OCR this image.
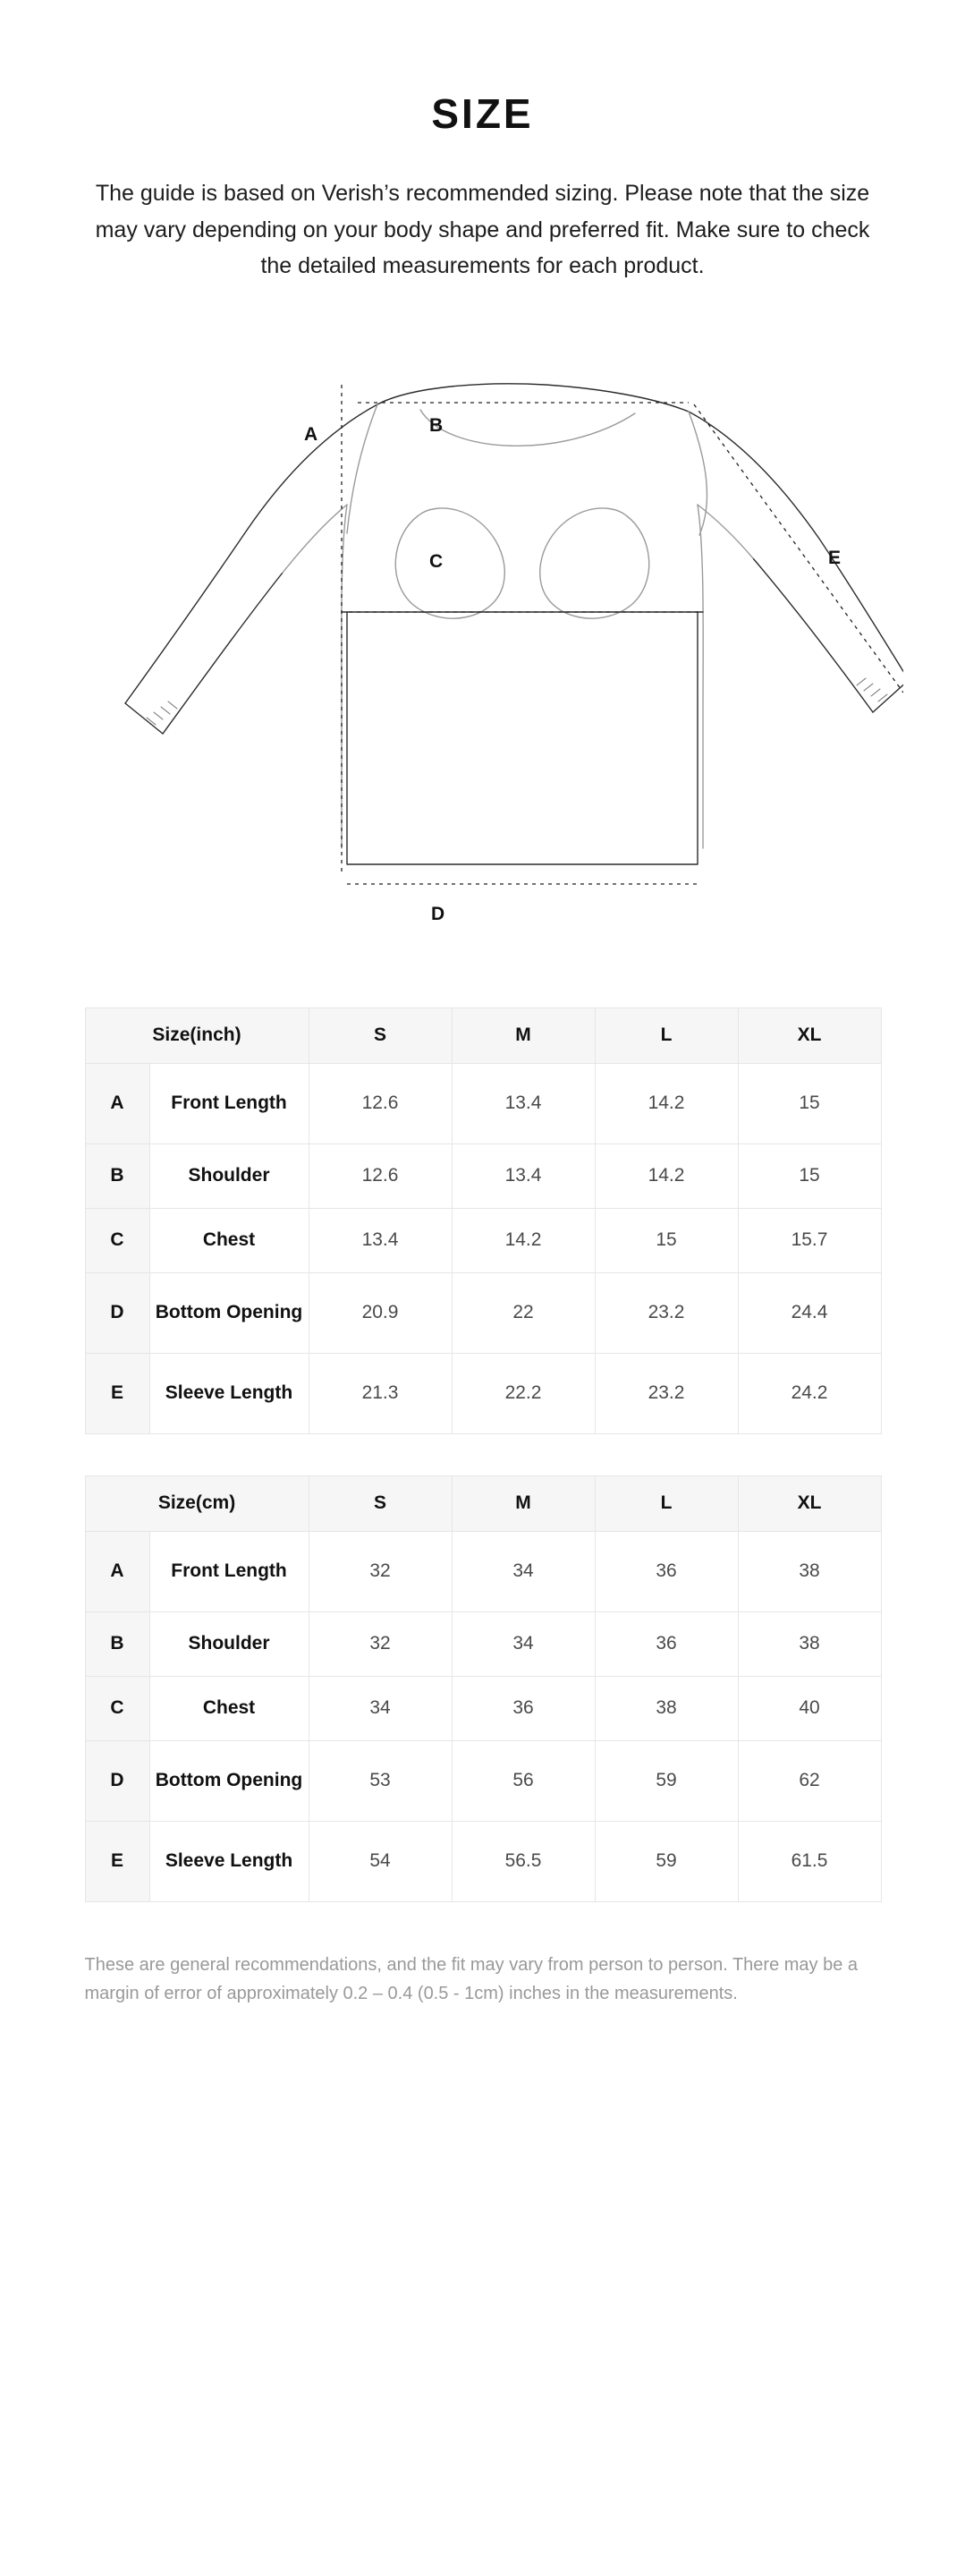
SIZE

The guide is based on Verish’s recommended sizing. Please note that the size may vary depending on your body shape and preferred fit. Make sure to check the detailed measurements for each product.

A	B
C
D
E
Size(inch)		S	M	L	XL
A	Front Length	12.6	13.4	14.2	15
B	Shoulder	12.6	13.4	14.2	15
C	Chest	13.4	14.2	15	15.7
D	Bottom Opening	20.9	22	23.2	24.4
E	Sleeve Length	21.3	22.2	23.2	24.2
Size(cm)		S	M	L	XL
A	Front Length	32	34	36	38
B	Shoulder	32	34	36	38
C	Chest	34	36	38	40
D	Bottom Opening	53	56	59	62
E	Sleeve Length	54	56.5	59	61.5

These are general recommendations, and the fit may vary from person to person. There may be a margin of error of approximately 0.2 – 0.4 (0.5 - 1cm) inches in the measurements.
